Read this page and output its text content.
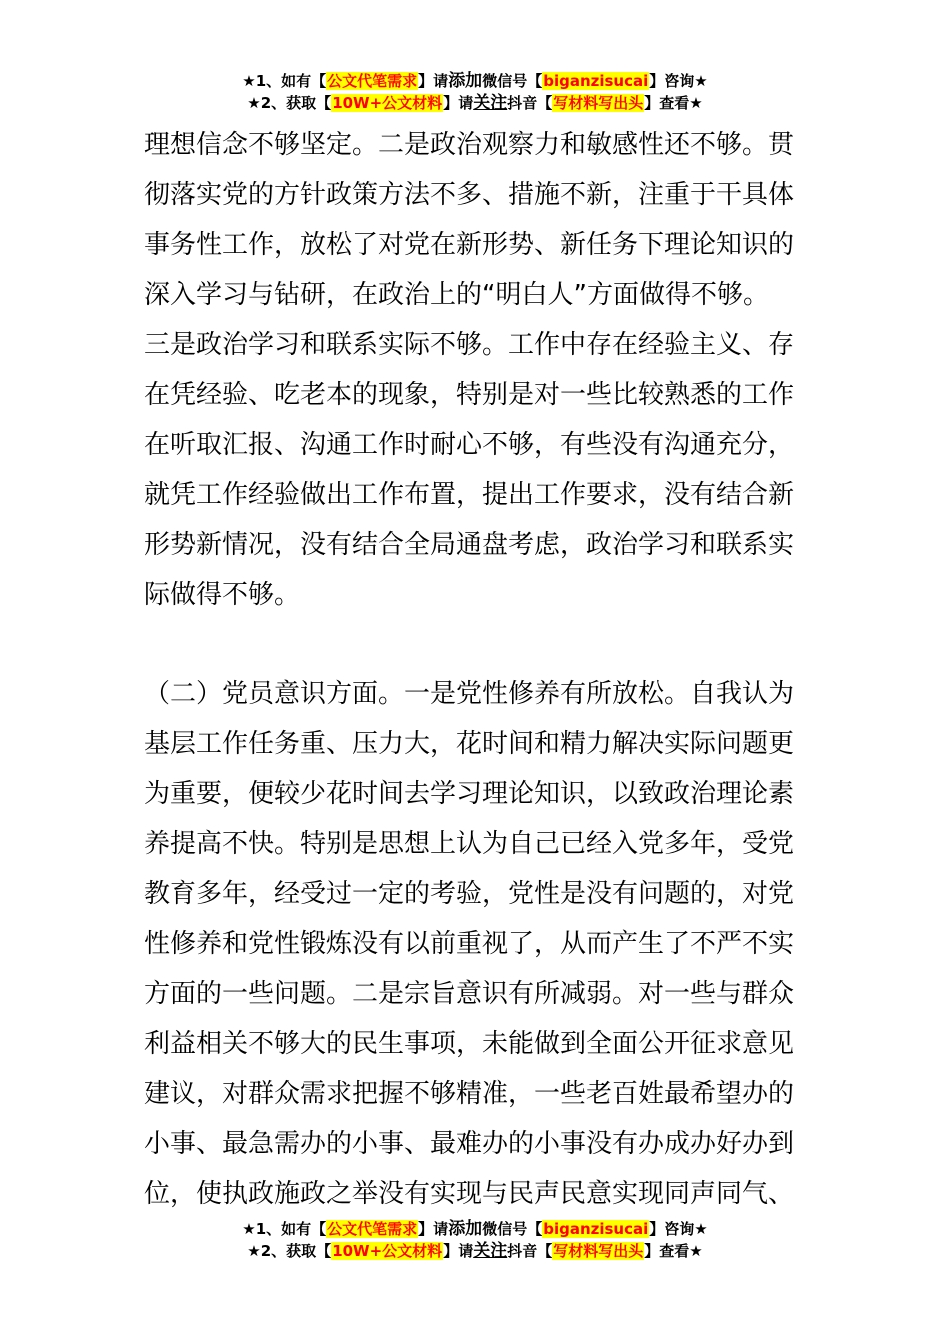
★1、如有【公文代笔需求】请添加微信号【biganzisucai】咨询★
★2、获取【10W+公文材料】请关注抖音【写材料写出头】查看★
理想信念不够坚定。二是政治观察力和敏感性还不够。贯
彻落实党的方针政策方法不多、措施不新，注重于干具体
事务性工作，放松了对党在新形势、新任务下理论知识的
深入学习与钻研，在政治上的“明白人”方面做得不够。
三是政治学习和联系实际不够。工作中存在经验主义、存
在凭经验、吃老本的现象，特别是对一些比较熟悉的工作
在听取汇报、沟通工作时耐心不够，有些没有沟通充分，
就凭工作经验做出工作布置，提出工作要求，没有结合新
形势新情况，没有结合全局通盘考虑，政治学习和联系实
际做得不够。
（二）党员意识方面。一是党性修养有所放松。自我认为
基层工作任务重、压力大，花时间和精力解决实际问题更
为重要，便较少花时间去学习理论知识，以致政治理论素
养提高不快。特别是思想上认为自己已经入党多年，受党
教育多年，经受过一定的考验，党性是没有问题的，对党
性修养和党性锻炼没有以前重视了，从而产生了不严不实
方面的一些问题。二是宗旨意识有所减弱。对一些与群众
利益相关不够大的民生事项，未能做到全面公开征求意见
建议，对群众需求把握不够精准，一些老百姓最希望办的
小事、最急需办的小事、最难办的小事没有办成办好办到
位，使执政施政之举没有实现与民声民意实现同声同气、
★1、如有【公文代笔需求】请添加微信号【biganzisucai】咨询★
★2、获取【10W+公文材料】请关注抖音【写材料写出头】查看★
